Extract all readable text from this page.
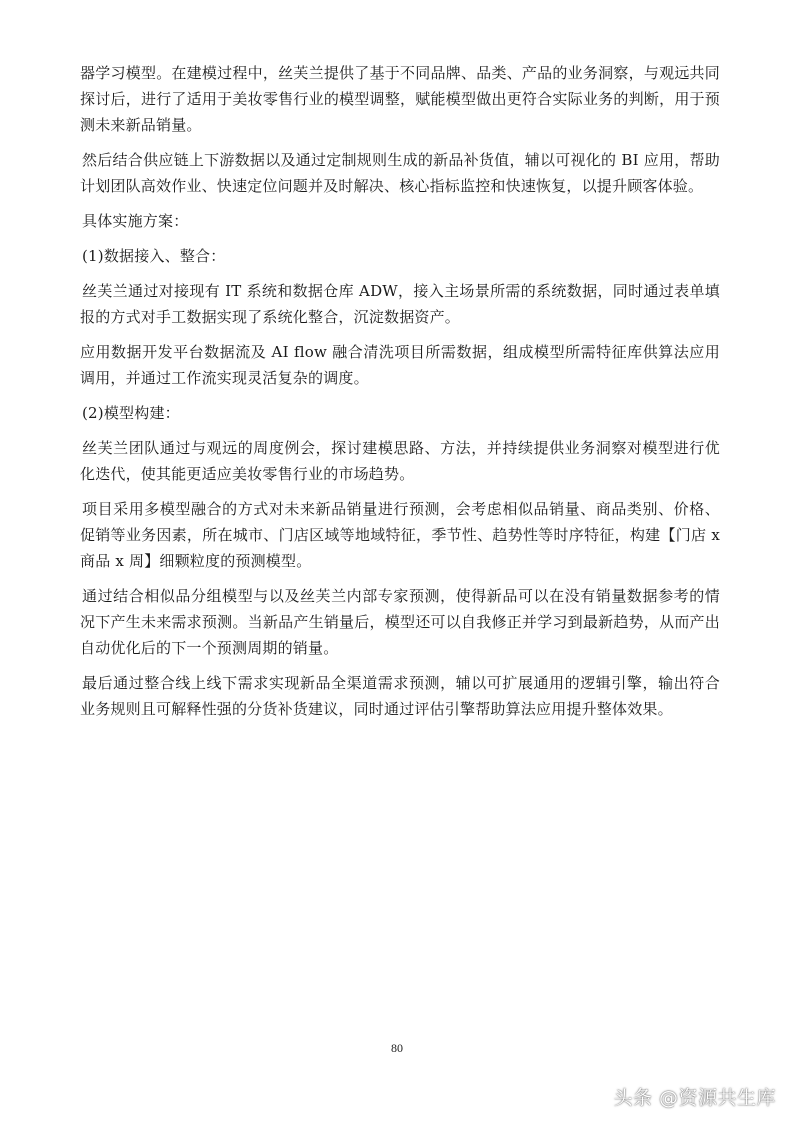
器学习模型。在建模过程中，丝芙兰提供了基于不同品牌、品类、产品的业务洞察，与观远共同探讨后，进行了适用于美妆零售行业的模型调整，赋能模型做出更符合实际业务的判断，用于预测未来新品销量。

然后结合供应链上下游数据以及通过定制规则生成的新品补货值，辅以可视化的 BI 应用，帮助计划团队高效作业、快速定位问题并及时解决、核心指标监控和快速恢复，以提升顾客体验。

具体实施方案：

(1)数据接入、整合：

丝芙兰通过对接现有 IT 系统和数据仓库 ADW，接入主场景所需的系统数据，同时通过表单填报的方式对手工数据实现了系统化整合，沉淀数据资产。

应用数据开发平台数据流及 AI flow 融合清洗项目所需数据，组成模型所需特征库供算法应用调用，并通过工作流实现灵活复杂的调度。

(2)模型构建：

丝芙兰团队通过与观远的周度例会，探讨建模思路、方法，并持续提供业务洞察对模型进行优化迭代，使其能更适应美妆零售行业的市场趋势。

项目采用多模型融合的方式对未来新品销量进行预测，会考虑相似品销量、商品类别、价格、促销等业务因素，所在城市、门店区域等地域特征，季节性、趋势性等时序特征，构建【门店 x 商品 x 周】细颗粒度的预测模型。

通过结合相似品分组模型与以及丝芙兰内部专家预测，使得新品可以在没有销量数据参考的情况下产生未来需求预测。当新品产生销量后，模型还可以自我修正并学习到最新趋势，从而产出自动优化后的下一个预测周期的销量。

最后通过整合线上线下需求实现新品全渠道需求预测，辅以可扩展通用的逻辑引擎，输出符合业务规则且可解释性强的分货补货建议，同时通过评估引擎帮助算法应用提升整体效果。

80
头条 @资源共生库
